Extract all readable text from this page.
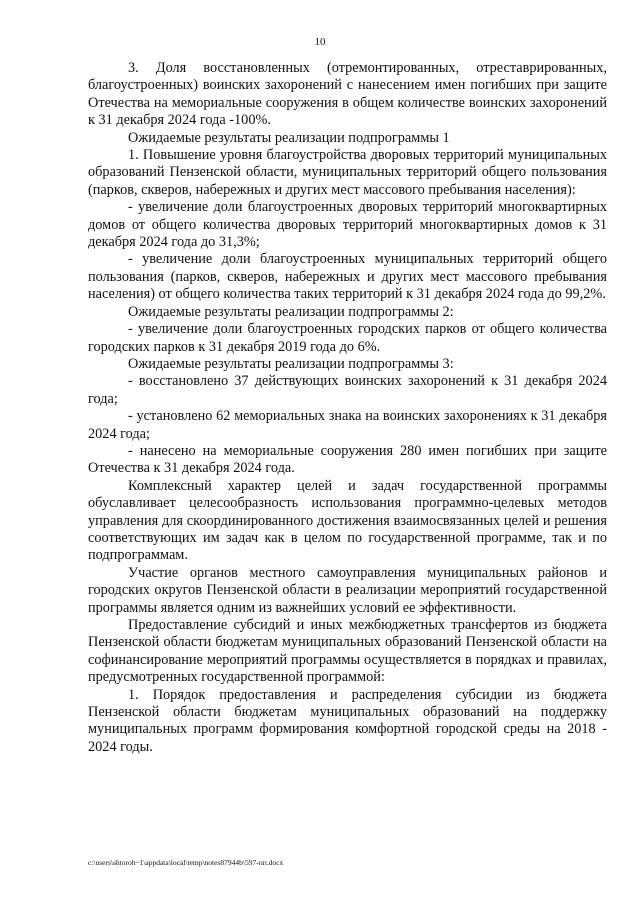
10

3. Доля восстановленных (отремонтированных, отреставрированных, благоустроенных) воинских захоронений с нанесением имен погибших при защите Отечества на мемориальные сооружения в общем количестве воинских захоронений к 31 декабря 2024 года -100%.

Ожидаемые результаты реализации подпрограммы 1

1. Повышение уровня благоустройства дворовых территорий муниципальных образований Пензенской области, муниципальных территорий общего пользования (парков, скверов, набережных и других мест массового пребывания населения):

- увеличение доли благоустроенных дворовых территорий многоквартирных домов от общего количества дворовых территорий многоквартирных домов к 31 декабря 2024 года до 31,3%;

- увеличение доли благоустроенных муниципальных территорий общего пользования (парков, скверов, набережных и других мест массового пребывания населения) от общего количества таких территорий к 31 декабря 2024 года до 99,2%.

Ожидаемые результаты реализации подпрограммы 2:

- увеличение доли благоустроенных городских парков от общего количества городских парков к 31 декабря 2019 года до 6%.

Ожидаемые результаты реализации подпрограммы 3:

- восстановлено 37 действующих воинских захоронений к 31 декабря 2024 года;

- установлено 62 мемориальных знака на воинских захоронениях к 31 декабря 2024 года;

- нанесено на мемориальные сооружения 280 имен погибших при защите Отечества к 31 декабря 2024 года.

Комплексный характер целей и задач государственной программы обуславливает целесообразность использования программно-целевых методов управления для скоординированного достижения взаимосвязанных целей и решения соответствующих им задач как в целом по государственной программе, так и по подпрограммам.

Участие органов местного самоуправления муниципальных районов и городских округов Пензенской области в реализации мероприятий государственной программы является одним из важнейших условий ее эффективности.

Предоставление субсидий и иных межбюджетных трансфертов из бюджета Пензенской области бюджетам муниципальных образований Пензенской области на софинансирование мероприятий программы осуществляется в порядках и правилах, предусмотренных государственной программой:

1. Порядок предоставления и распределения субсидии из бюджета Пензенской области бюджетам муниципальных образований на поддержку муниципальных программ формирования комфортной городской среды на 2018 - 2024 годы.

c:\users\shtoroh~1\appdata\local\temp\notes87944b\597-пп.docx
